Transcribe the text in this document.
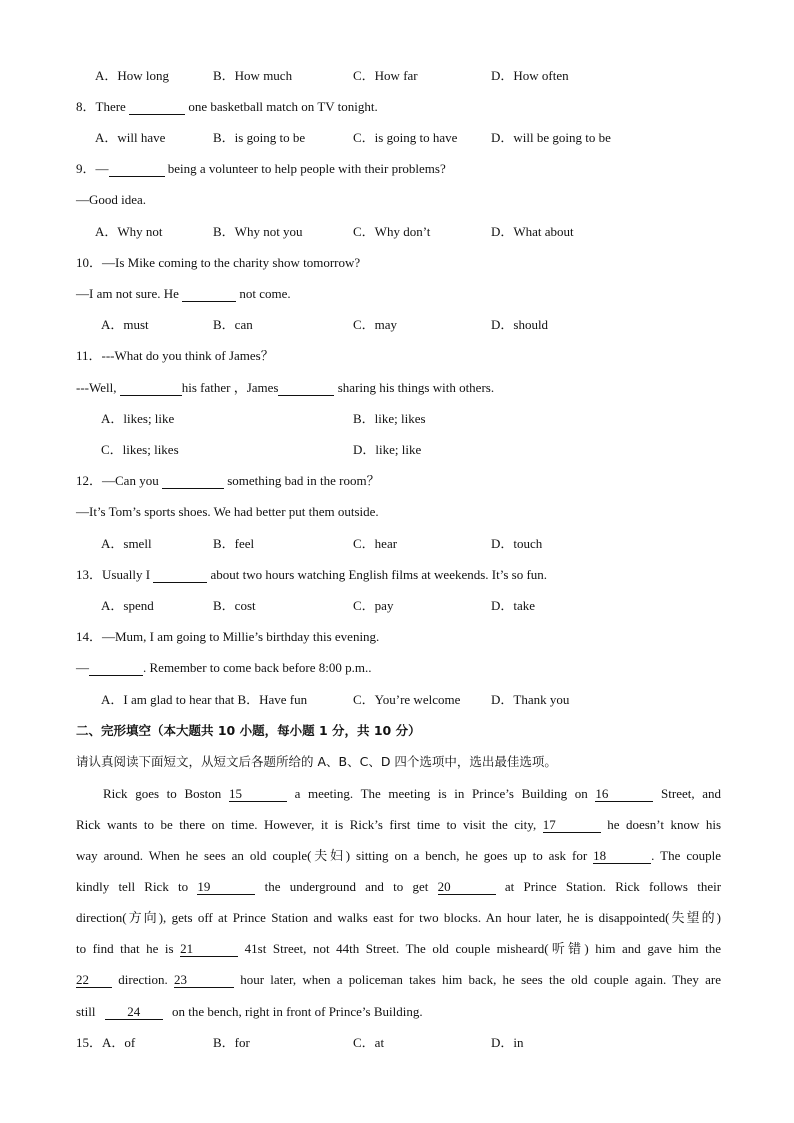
A．How long	B．How much	C．How far	D．How often
8．There	one basketball match on TV tonight.
A．will have	B．is going to be	C．is going to have	D．will be going to be
9．—	being a volunteer to help people with their problems?
—Good idea.
A．Why not	B．Why not you	C．Why don’t	D．What about
10．—Is Mike coming to the charity show tomorrow?
—I am not sure. He	not come.
A．must	B．can	C．may	D．should
11．---What do you think of James？
---Well,	his father ，James	sharing his things with others.
A．likes; like	B．like; likes
C．likes; likes	D．like; like
12．—Can you	something bad in the room？
—It’s Tom’s sports shoes. We had better put them outside.
A．smell	B．feel	C．hear	D．touch
13．Usually I	about two hours watching English films at weekends. It’s so fun.
A．spend	B．cost	C．pay	D．take
14．—Mum, I am going to Millie’s birthday this evening.
—	. Remember to come back before 8:00 p.m..
A．I am glad to hear that B．Have fun	C．You’re welcome D．Thank you
二、完形填空（本大题共 10 小题，每小题 1 分，共 10 分）
请认真阅读下面短文，从短文后各题所给的 A、B、C、D 四个选项中，选出最佳选项。
Rick goes to Boston 15	a meeting. The meeting is in Prince’s Building on 16	Street, and
Rick wants to be there on time. However, it is Rick’s first time to visit the city, 17	he doesn’t know his
way around. When he sees an old couple(夫妇) sitting on a bench, he goes up to ask for 18	. The couple
kindly tell Rick to 19	the underground and to get 20	at Prince Station. Rick follows their
direction(方向), gets off at Prince Station and walks east for two blocks. An hour later, he is disappointed(失望的)
to find that he is 21	41st Street, not 44th Street. The old couple misheard(听错) him and gave him the
22 direction. 23	hour later, when a policeman takes him back, he sees the old couple again. They are
still 24 on the bench, right in front of Prince’s Building.
15．A．of	B．for	C．at	D．in
